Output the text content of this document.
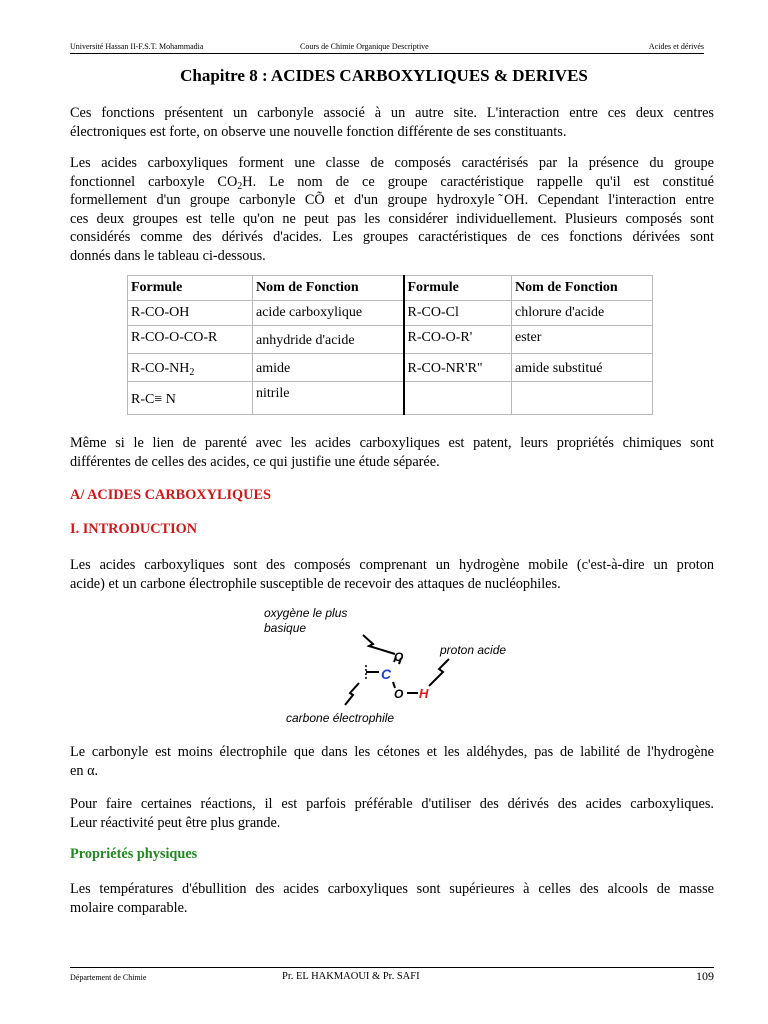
Université Hassan II-F.S.T. Mohammadia	Cours de Chimie Organique Descriptive	Acides et dérivés
Chapitre 8 : ACIDES CARBOXYLIQUES & DERIVES
Ces fonctions présentent un carbonyle associé à un autre site. L'interaction entre ces deux centres
électroniques est forte, on observe une nouvelle fonction différente de ses constituants.
Les acides carboxyliques forment une classe de composés caractérisés par la présence du groupe
fonctionnel carboxyle $CO_2H$. Le nom de ce groupe caractéristique rappelle qu'il est constitué
formellement d'un groupe carbonyle CÕ et d'un groupe hydroxyle ̃OH. Cependant l'interaction entre
ces deux groupes est telle qu'on ne peut pas les considérer individuellement. Plusieurs composés sont
considérés comme des dérivés d'acides. Les groupes caractéristiques de ces fonctions dérivées sont
donnés dans le tableau ci-dessous.
Formule	Nom de Fonction	Formule	Nom de Fonction
R-CO-OH	acide carboxylique	R-CO-Cl	chlorure d'acide
R-CO-O-CO-R	anhydride d'acide	R-CO-O-R'	ester
$R-CO-NH_2$	amide	R-CO-NR'R"	amide substitué
R-C≡ N	nitrile		
Même si le lien de parenté avec les acides carboxyliques est patent, leurs propriétés chimiques sont
différentes de celles des acides, ce qui justifie une étude séparée.
A/ ACIDES CARBOXYLIQUES
I. INTRODUCTION
Les acides carboxyliques sont des composés comprenant un hydrogène mobile (c'est-à-dire un proton
acide) et un carbone électrophile susceptible de recevoir des attaques de nucléophiles.
oxygène le plus
basique
proton acide
O
C
O H
carbone électrophile
Le carbonyle est moins électrophile que dans les cétones et les aldéhydes, pas de labilité de l'hydrogène
en α.
Pour faire certaines réactions, il est parfois préférable d'utiliser des dérivés des acides carboxyliques.
Leur réactivité peut être plus grande.
Propriétés physiques
Les températures d'ébullition des acides carboxyliques sont supérieures à celles des alcools de masse
molaire comparable.
Département de Chimie	Pr. EL HAKMAOUI & Pr. SAFI	109
